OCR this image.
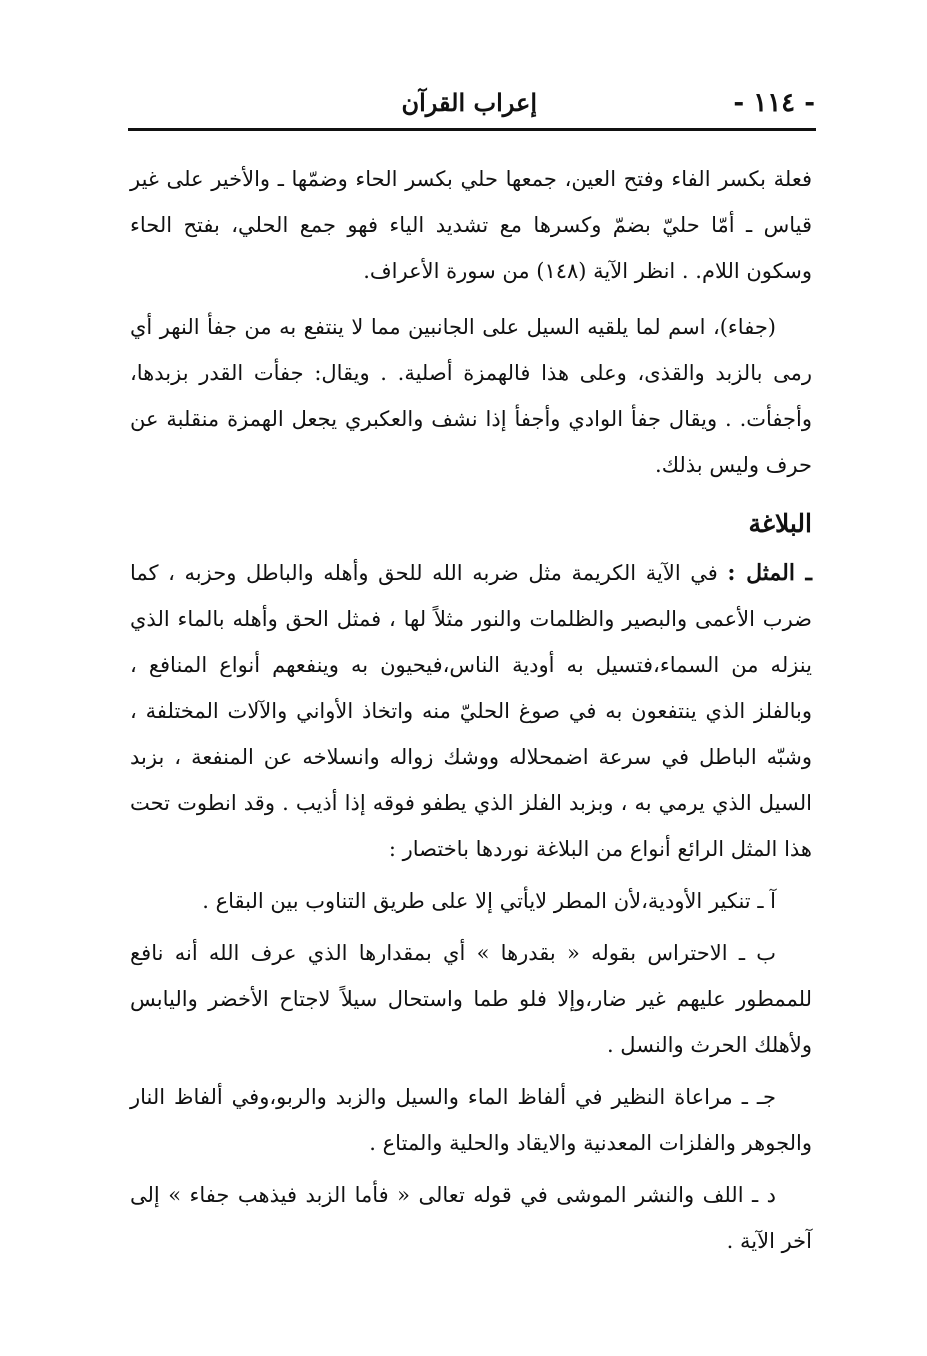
- ١١٤ -
إعراب القرآن

فعلة بكسر الفاء وفتح العين، جمعها حلي بكسر الحاء وضمّها ـ والأخير على غير قياس ـ أمّا حليّ بضمّ وكسرها مع تشديد الياء فهو جمع الحلي، بفتح الحاء وسكون اللام. . انظر الآية (١٤٨) من سورة الأعراف.

(جفاء)، اسم لما يلقيه السيل على الجانبين مما لا ينتفع به من جفأ النهر أي رمى بالزبد والقذى، وعلى هذا فالهمزة أصلية. . ويقال: جفأت القدر بزبدها، وأجفأت. . ويقال جفأ الوادي وأجفأ إذا نشف والعكبري يجعل الهمزة منقلبة عن حرف وليس بذلك.

البلاغة

ـ المثل : في الآية الكريمة مثل ضربه الله للحق وأهله والباطل وحزبه ، كما ضرب الأعمى والبصير والظلمات والنور مثلاً لها ، فمثل الحق وأهله بالماء الذي ينزله من السماء،فتسيل به أودية الناس،فيحيون به وينفعهم أنواع المنافع ، وبالفلز الذي ينتفعون به في صوغ الحليّ منه واتخاذ الأواني والآلات المختلفة ، وشبّه الباطل في سرعة اضمحلاله ووشك زواله وانسلاخه عن المنفعة ، بزبد السيل الذي يرمي به ، وبزبد الفلز الذي يطفو فوقه إذا أذيب . وقد انطوت تحت هذا المثل الرائع أنواع من البلاغة نوردها باختصار :

آ ـ تنكير الأودية،لأن المطر لايأتي إلا على طريق التناوب بين البقاع .

ب ـ الاحتراس بقوله « بقدرها » أي بمقدارها الذي عرف الله أنه نافع للممطور عليهم غير ضار،وإلا فلو طما واستحال سيلاً لاجتاح الأخضر واليابس ولأهلك الحرث والنسل .

جـ ـ مراعاة النظير في ألفاظ الماء والسيل والزبد والربو،وفي ألفاظ النار والجوهر والفلزات المعدنية والايقاد والحلية والمتاع .

د ـ اللف والنشر الموشى في قوله تعالى « فأما الزبد فيذهب جفاء » إلى آخر الآية .
